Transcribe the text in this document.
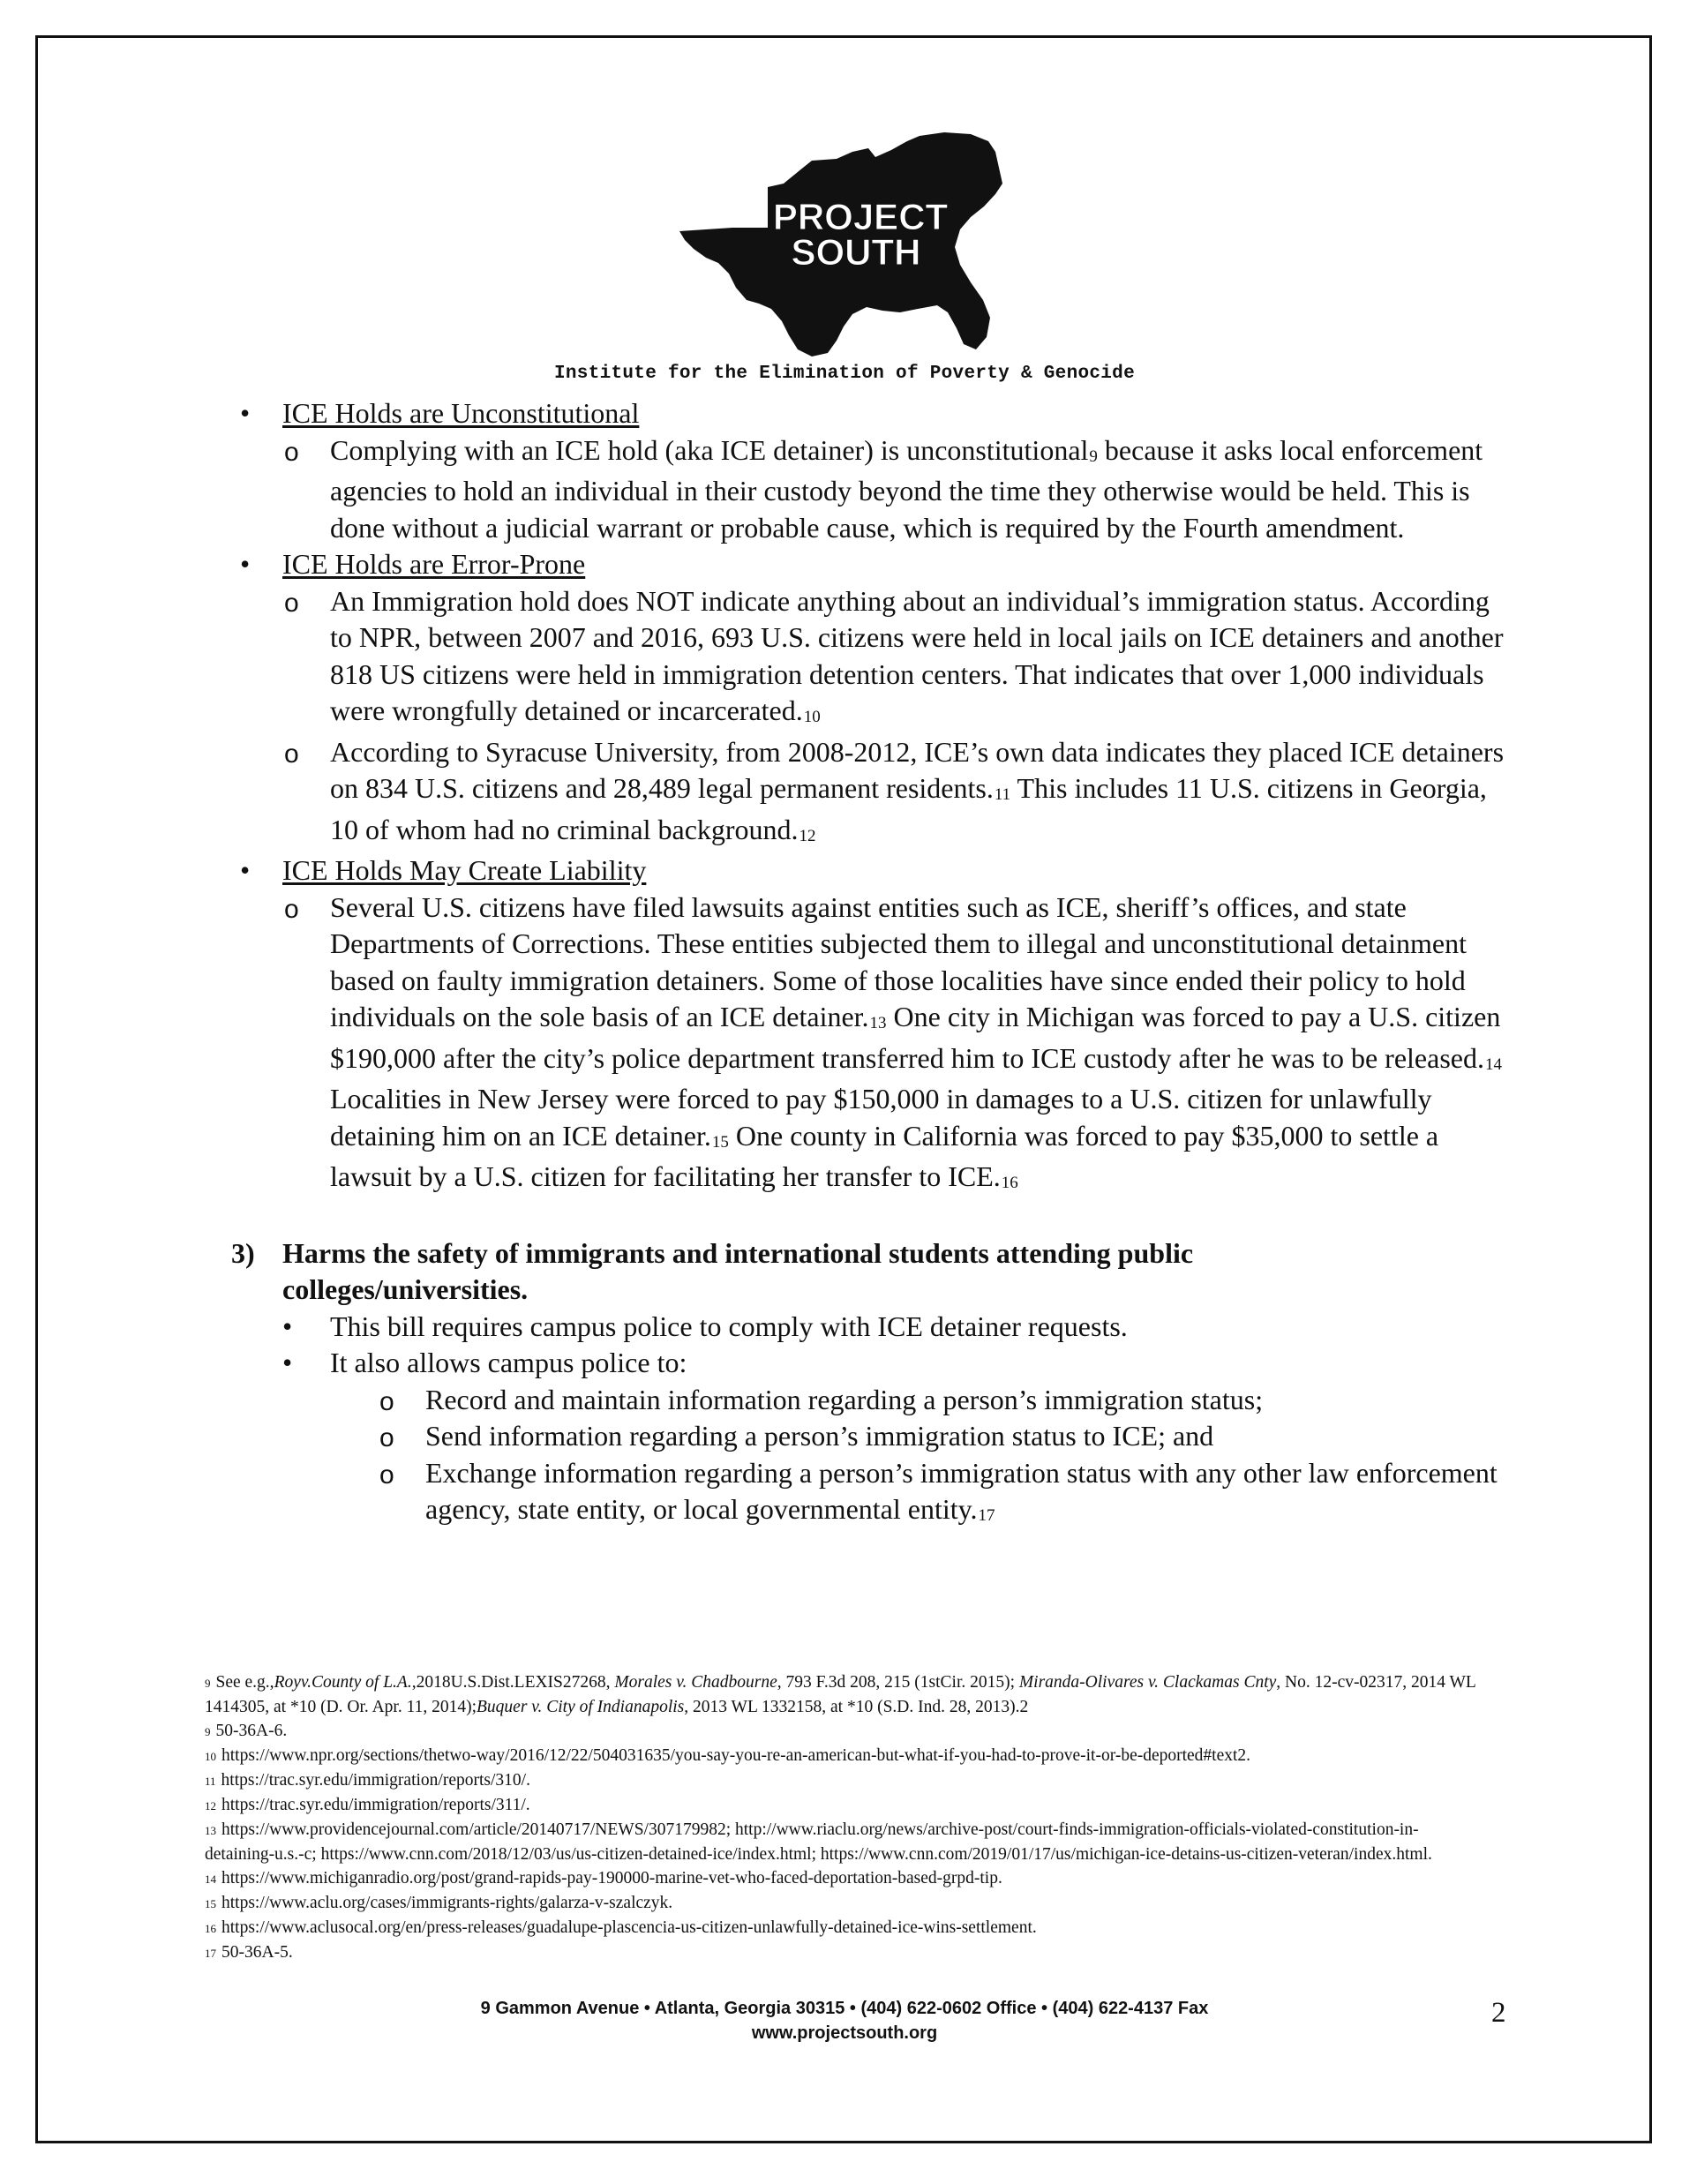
PROJECT
SOUTH
Institute for the Elimination of Poverty & Genocide
• ICE Holds are Unconstitutional
o Complying with an ICE hold (aka ICE detainer) is unconstitutional$^9$ because it asks local enforcement agencies to hold an individual in their custody beyond the time they otherwise would be held. This is done without a judicial warrant or probable cause, which is required by the Fourth amendment.
• ICE Holds are Error-Prone
o An Immigration hold does NOT indicate anything about an individual’s immigration status. According to NPR, between 2007 and 2016, 693 U.S. citizens were held in local jails on ICE detainers and another 818 US citizens were held in immigration detention centers. That indicates that over 1,000 individuals were wrongfully detained or incarcerated.$^{10}$
o According to Syracuse University, from 2008-2012, ICE’s own data indicates they placed ICE detainers on 834 U.S. citizens and 28,489 legal permanent residents.$^{11}$ This includes 11 U.S. citizens in Georgia, 10 of whom had no criminal background.$^{12}$
• ICE Holds May Create Liability
o Several U.S. citizens have filed lawsuits against entities such as ICE, sheriff’s offices, and state Departments of Corrections. These entities subjected them to illegal and unconstitutional detainment based on faulty immigration detainers. Some of those localities have since ended their policy to hold individuals on the sole basis of an ICE detainer.$^{13}$ One city in Michigan was forced to pay a U.S. citizen $190,000 after the city’s police department transferred him to ICE custody after he was to be released.$^{14}$ Localities in New Jersey were forced to pay $150,000 in damages to a U.S. citizen for unlawfully detaining him on an ICE detainer.$^{15}$ One county in California was forced to pay $35,000 to settle a lawsuit by a U.S. citizen for facilitating her transfer to ICE.$^{16}$
3) Harms the safety of immigrants and international students attending public colleges/universities.
• This bill requires campus police to comply with ICE detainer requests.
• It also allows campus police to:
o Record and maintain information regarding a person’s immigration status;
o Send information regarding a person’s immigration status to ICE; and
o Exchange information regarding a person’s immigration status with any other law enforcement agency, state entity, or local governmental entity.$^{17}$
9 See e.g.,Royv.County of L.A.,2018U.S.Dist.LEXIS27268, Morales v. Chadbourne, 793 F.3d 208, 215 (1stCir. 2015); Miranda-Olivares v. Clackamas Cnty, No. 12-cv-02317, 2014 WL 1414305, at *10 (D. Or. Apr. 11, 2014);Buquer v. City of Indianapolis, 2013 WL 1332158, at *10 (S.D. Ind. 28, 2013).2
9 50-36A-6.
10 https://www.npr.org/sections/thetwo-way/2016/12/22/504031635/you-say-you-re-an-american-but-what-if-you-had-to-prove-it-or-be-deported#text2.
11 https://trac.syr.edu/immigration/reports/310/.
12 https://trac.syr.edu/immigration/reports/311/.
13 https://www.providencejournal.com/article/20140717/NEWS/307179982; http://www.riaclu.org/news/archive-post/court-finds-immigration-officials-violated-constitution-in-detaining-u.s.-c; https://www.cnn.com/2018/12/03/us/us-citizen-detained-ice/index.html; https://www.cnn.com/2019/01/17/us/michigan-ice-detains-us-citizen-veteran/index.html.
14 https://www.michiganradio.org/post/grand-rapids-pay-190000-marine-vet-who-faced-deportation-based-grpd-tip.
15 https://www.aclu.org/cases/immigrants-rights/galarza-v-szalczyk.
16 https://www.aclusocal.org/en/press-releases/guadalupe-plascencia-us-citizen-unlawfully-detained-ice-wins-settlement.
17 50-36A-5.
9 Gammon Avenue • Atlanta, Georgia 30315 • (404) 622-0602 Office • (404) 622-4137 Fax
www.projectsouth.org
2
